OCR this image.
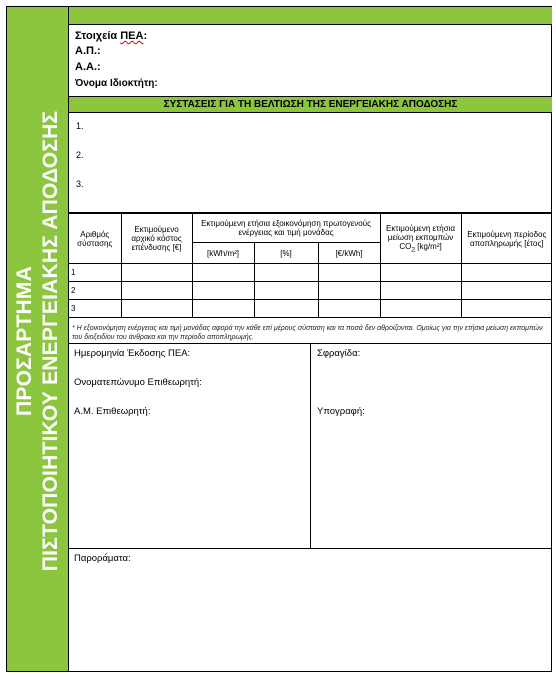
ΠΡΟΣΑΡΤΗΜΑ ΠΙΣΤΟΠΟΙΗΤΙΚΟΥ ΕΝΕΡΓΕΙΑΚΗΣ ΑΠΟΔΟΣΗΣ
Στοιχεία ΠΕΑ:
Α.Π.:
Α.Α.:
Όνομα Ιδιοκτήτη:
ΣΥΣΤΑΣΕΙΣ ΓΙΑ ΤΗ ΒΕΛΤΙΩΣΗ ΤΗΣ ΕΝΕΡΓΕΙΑΚΗΣ ΑΠΟΔΟΣΗΣ
1.
2.
3.
Αριθμός σύστασης	Εκτιμούμενο αρχικό κόστος επένδυσης [€]	Εκτιμούμενη ετήσια εξοικονόμηση πρωτογενούς ενέργειας και τιμή μονάδας			Εκτιμούμενη ετήσια μείωση εκπομπών $CO_2$ [kg/m²]	Εκτιμούμενη περίοδος αποπληρωμής [έτος]
		[kWh/m²]	[%]	[€/kWh]		
1						
2						
3						
* Η εξοικονόμηση ενέργειας και τιμή μονάδας αφορά την κάθε επί μέρους σύσταση και τα ποσά δεν αθροίζονται. Ομοίως για την ετήσια μείωση εκπομπών του διοξειδίου του άνθρακα και την περίοδο αποπληρωμής.
Ημερομηνία Έκδοσης ΠΕΑ:
Ονοματεπώνυμο Επιθεωρητή:
Α.Μ. Επιθεωρητή:
Σφραγίδα:
Υπογραφή:
Παρορά́ματα:
